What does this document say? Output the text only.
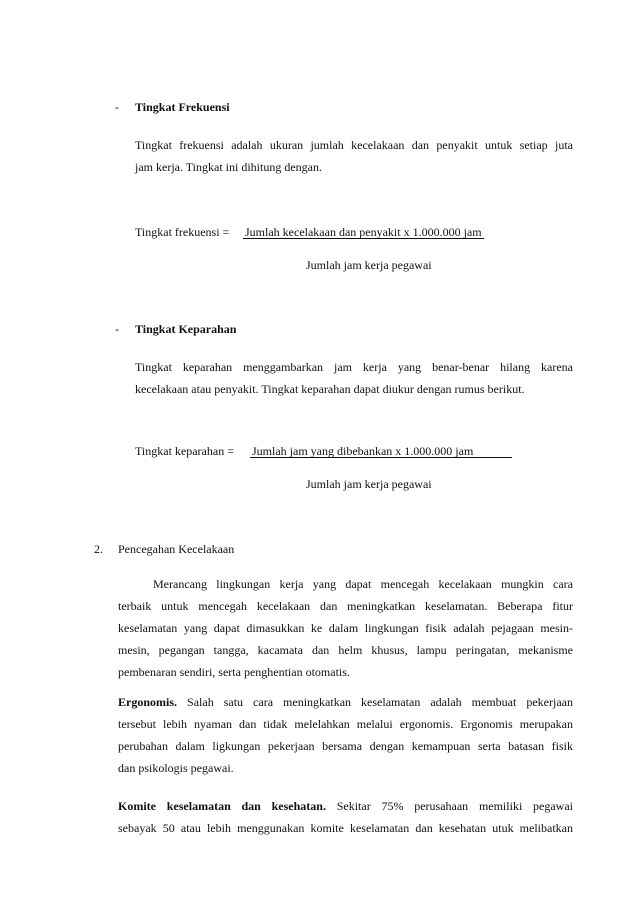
- Tingkat Frekuensi
Tingkat frekuensi adalah ukuran jumlah kecelakaan dan penyakit untuk setiap juta
jam kerja. Tingkat ini dihitung dengan.
Tingkat frekuensi = Jumlah kecelakaan dan penyakit x 1.000.000 jam
Jumlah jam kerja pegawai
- Tingkat Keparahan
Tingkat keparahan menggambarkan jam kerja yang benar-benar hilang karena
kecelakaan atau penyakit. Tingkat keparahan dapat diukur dengan rumus berikut.
Tingkat keparahan = Jumlah jam yang dibebankan x 1.000.000 jam
Jumlah jam kerja pegawai
2. Pencegahan Kecelakaan
Merancang lingkungan kerja yang dapat mencegah kecelakaan mungkin cara
terbaik untuk mencegah kecelakaan dan meningkatkan keselamatan. Beberapa fitur
keselamatan yang dapat dimasukkan ke dalam lingkungan fisik adalah pejagaan mesin-
mesin, pegangan tangga, kacamata dan helm khusus, lampu peringatan, mekanisme
pembenaran sendiri, serta penghentian otomatis.
Ergonomis. Salah satu cara meningkatkan keselamatan adalah membuat pekerjaan
tersebut lebih nyaman dan tidak melelahkan melalui ergonomis. Ergonomis merupakan
perubahan dalam ligkungan pekerjaan bersama dengan kemampuan serta batasan fisik
dan psikologis pegawai.
Komite keselamatan dan kesehatan. Sekitar 75% perusahaan memiliki pegawai
sebayak 50 atau lebih menggunakan komite keselamatan dan kesehatan utuk melibatkan
